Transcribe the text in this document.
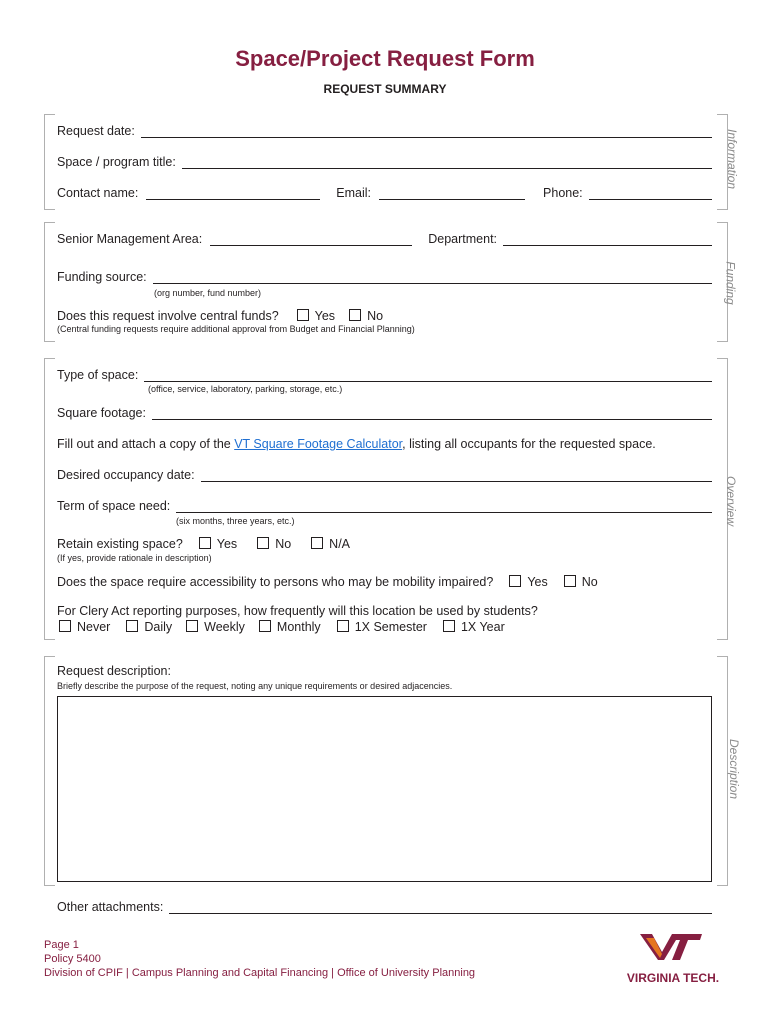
Space/Project Request Form
REQUEST SUMMARY
Information
Request date:
Space / program title:
Contact name:	Email:	Phone:
Funding
Senior Management Area:	Department:
Funding source:
(org number, fund number)
Does this request involve central funds?	Yes	No
(Central funding requests require additional approval from Budget and Financial Planning)
Overview
Type of space:
(office, service, laboratory, parking, storage, etc.)
Square footage:
Fill out and attach a copy of the VT Square Footage Calculator, listing all occupants for the requested space.
Desired occupancy date:
Term of space need:
(six months, three years, etc.)
Retain existing space?	Yes	No	N/A
(If yes, provide rationale in description)
Does the space require accessibility to persons who may be mobility impaired?	Yes	No
For Clery Act reporting purposes, how frequently will this location be used by students?
Never	Daily	Weekly	Monthly	1X Semester	1X Year
Description
Request description:
Briefly describe the purpose of the request, noting any unique requirements or desired adjacencies.
Other attachments:
Page 1
Policy 5400
Division of CPIF | Campus Planning and Capital Financing | Office of University Planning	VIRGINIA TECH.
